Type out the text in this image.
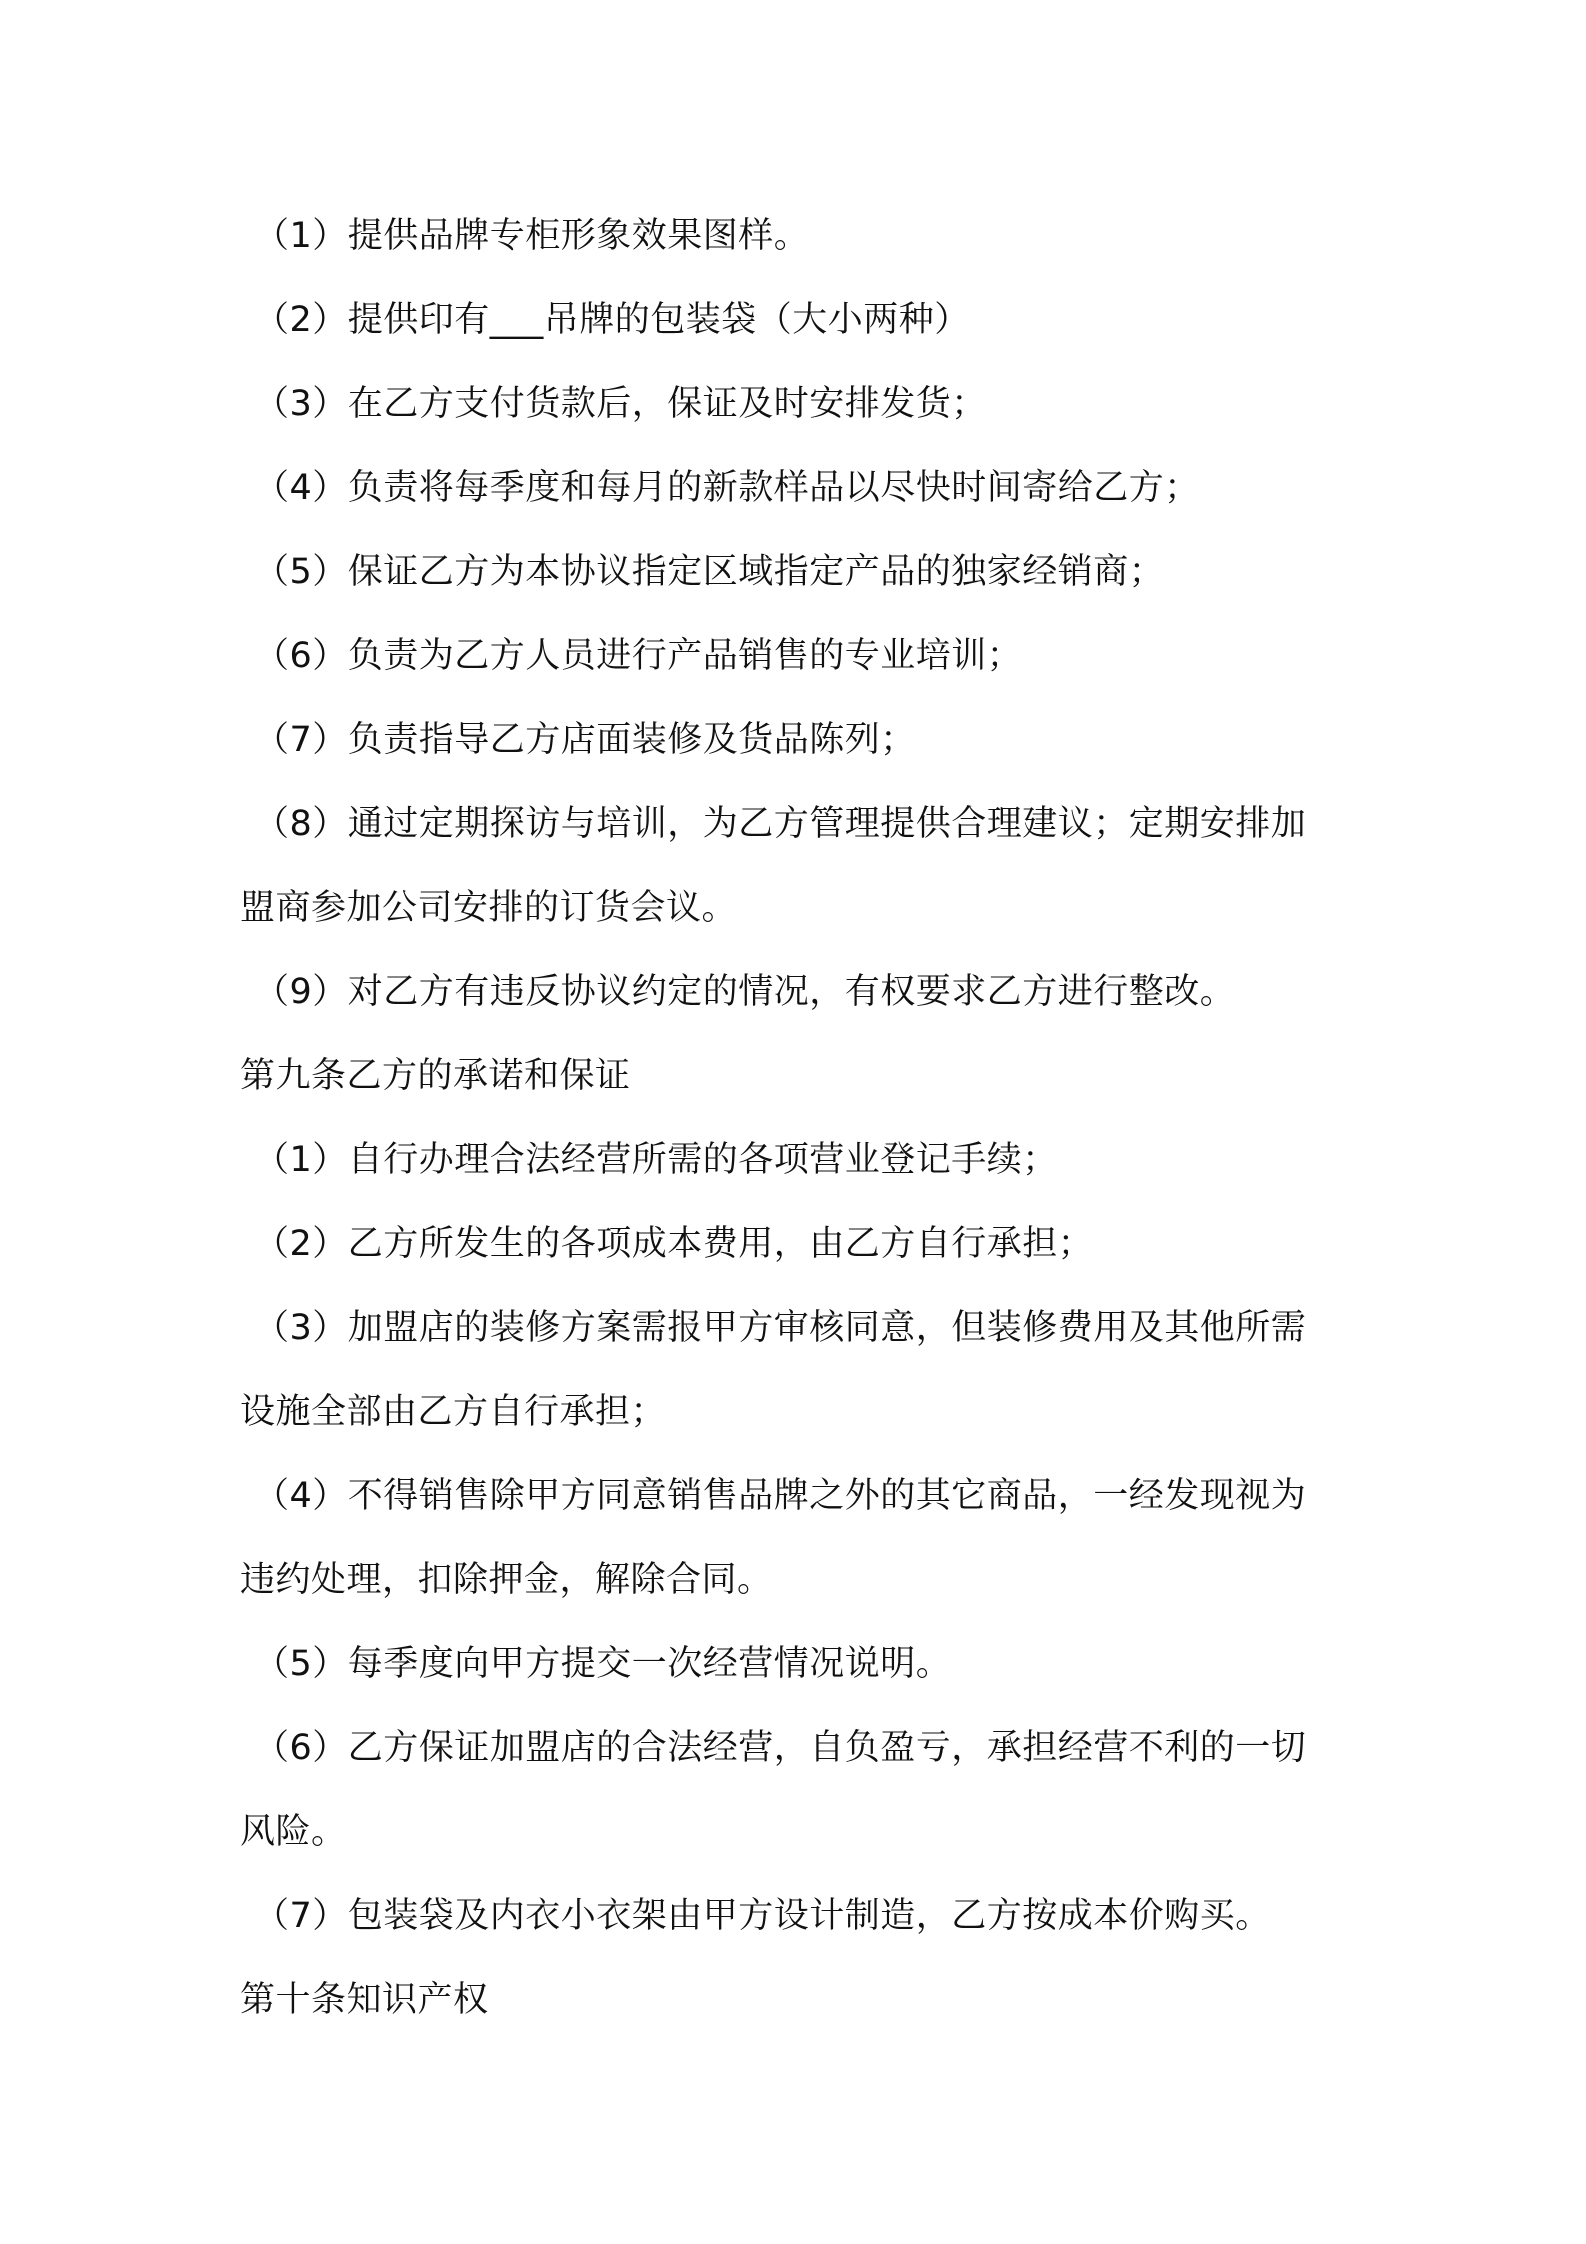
（1）提供品牌专柜形象效果图样。
（2）提供印有___吊牌的包装袋（大小两种）
（3）在乙方支付货款后，保证及时安排发货；
（4）负责将每季度和每月的新款样品以尽快时间寄给乙方；
（5）保证乙方为本协议指定区域指定产品的独家经销商；
（6）负责为乙方人员进行产品销售的专业培训；
（7）负责指导乙方店面装修及货品陈列；
（8）通过定期探访与培训，为乙方管理提供合理建议；定期安排加
盟商参加公司安排的订货会议。
（9）对乙方有违反协议约定的情况，有权要求乙方进行整改。
第九条乙方的承诺和保证
（1）自行办理合法经营所需的各项营业登记手续；
（2）乙方所发生的各项成本费用，由乙方自行承担；
（3）加盟店的装修方案需报甲方审核同意，但装修费用及其他所需
设施全部由乙方自行承担；
（4）不得销售除甲方同意销售品牌之外的其它商品，一经发现视为
违约处理，扣除押金，解除合同。
（5）每季度向甲方提交一次经营情况说明。
（6）乙方保证加盟店的合法经营，自负盈亏，承担经营不利的一切
风险。
（7）包装袋及内衣小衣架由甲方设计制造，乙方按成本价购买。
第十条知识产权
